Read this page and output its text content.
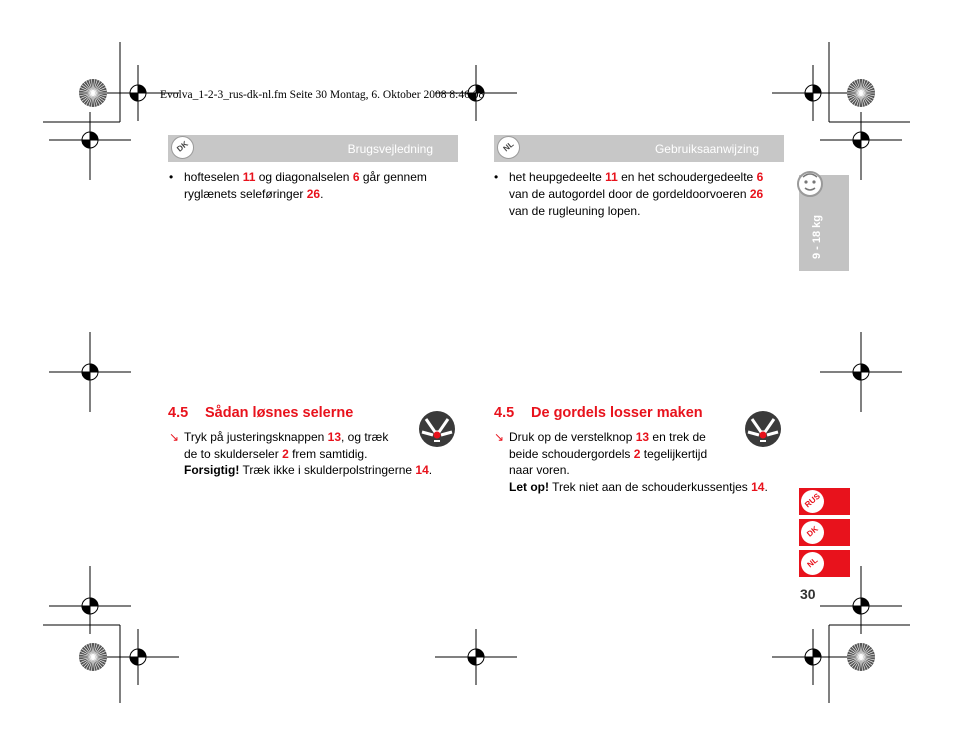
Evolva_1-2-3_rus-dk-nl.fm Seite 30 Montag, 6. Oktober 2008 8:46 08
DK	Brugsvejledning
• hofteselen 11 og diagonalselen 6 går gennem
ryglænets seleføringer 26.
4.5 Sådan løsnes selerne
↘ Tryk på justeringsknappen 13, og træk
de to skulderseler 2 frem samtidig.
Forsigtig! Træk ikke i skulderpolstringerne 14.
NL	Gebruiksaanwijzing
• het heupgedeelte 11 en het schoudergedeelte 6
van de autogordel door de gordeldoorvoeren 26
van de rugleuning lopen.
4.5 De gordels losser maken
↘ Druk op de verstelknop 13 en trek de
beide schoudergordels 2 tegelijkertijd
naar voren.
Let op! Trek niet aan de schouderkussentjes 14.
9 - 18 kg
RUS
DK
NL
30
